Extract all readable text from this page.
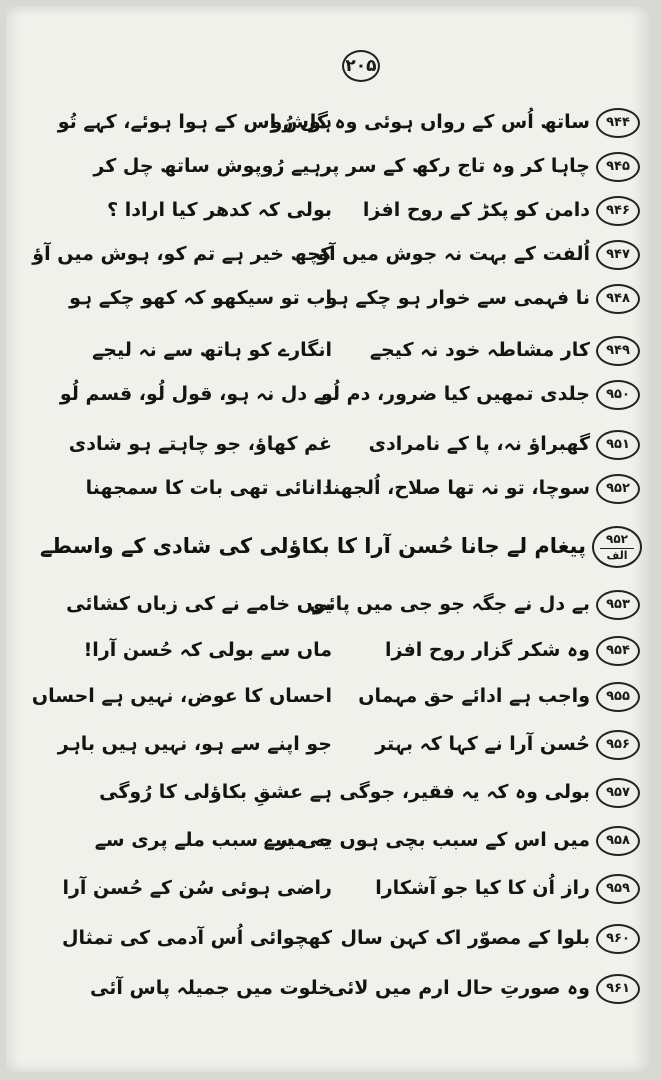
۲۰۵
۹۴۴
ساتھ اُس کے رواں ہوئی وہ گل رُو
ہوش اِس کے ہوا ہوئے، کہے تُو
۹۴۵
چاہا کر وہ تاج رکھ کے سر پر
رہیے رُوپوش ساتھ چل کر
۹۴۶
دامن کو پکڑ کے روح افزا
بولی کہ کدھر کیا ارادا ؟
۹۴۷
اُلفت کے بہت نہ جوش میں آؤ
کچھ خیر ہے تم کو، ہوش میں آؤ
۹۴۸
نا فہمی سے خوار ہو چکے ہو
اب تو سیکھو کہ کھو چکے ہو
۹۴۹
کار مشاطہ خود نہ کیجے
انگارے کو ہاتھ سے نہ لیجے
۹۵۰
جلدی تمھیں کیا ضرور، دم لُو
بے دل نہ ہو، قول لُو، قسم لُو
۹۵۱
گھبراؤ نہ، پا کے نامرادی
غم کھاؤ، جو چاہتے ہو شادی
۹۵۲
سوچا، تو نہ تھا صلاح، اُلجھنا
دانائی تھی بات کا سمجھنا
۹۵۲
الف
پیغام لے جانا حُسن آرا کا بکاؤلی کی شادی کے واسطے
۹۵۳
بے دل نے جگہ جو جی میں پائی
یوں خامے نے کی زباں کشائی
۹۵۴
وہ شکر گزار روح افزا
ماں سے بولی کہ حُسن آرا!
۹۵۵
واجب ہے ادائے حق مہماں
احساں کا عوض، نہیں ہے احساں
۹۵۶
حُسن آرا نے کہا کہ بہتر
جو اپنے سے ہو، نہیں ہیں باہر
۹۵۷
بولی وہ کہ یہ فقیر، جوگی
ہے عشقِ بکاؤلی کا رُوگی
۹۵۸
میں اس کے سبب بچی ہوں جی سے
یہ میرے سبب ملے پری سے
۹۵۹
راز اُن کا کیا جو آشکارا
راضی ہوئی سُن کے حُسن آرا
۹۶۰
بلوا کے مصوّر اک کہن سال
کھچوائی اُس آدمی کی تمثال
۹۶۱
وہ صورتِ حال ارم میں لائی
خلوت میں جمیلہ پاس آئی
